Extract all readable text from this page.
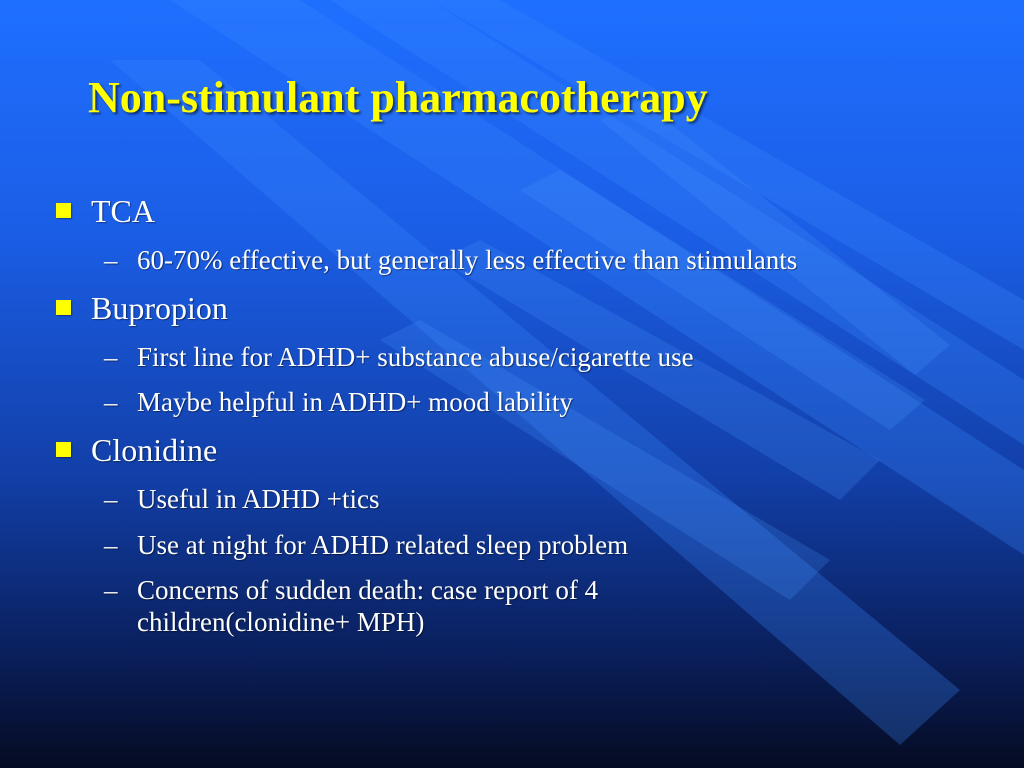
Non-stimulant pharmacotherapy
TCA
– 60-70% effective, but generally less effective than stimulants
Bupropion
– First line for ADHD+ substance abuse/cigarette use
– Maybe helpful in ADHD+ mood lability
Clonidine
– Useful in ADHD +tics
– Use at night for ADHD related sleep problem
– Concerns of sudden death: case report of 4
children(clonidine+ MPH)
